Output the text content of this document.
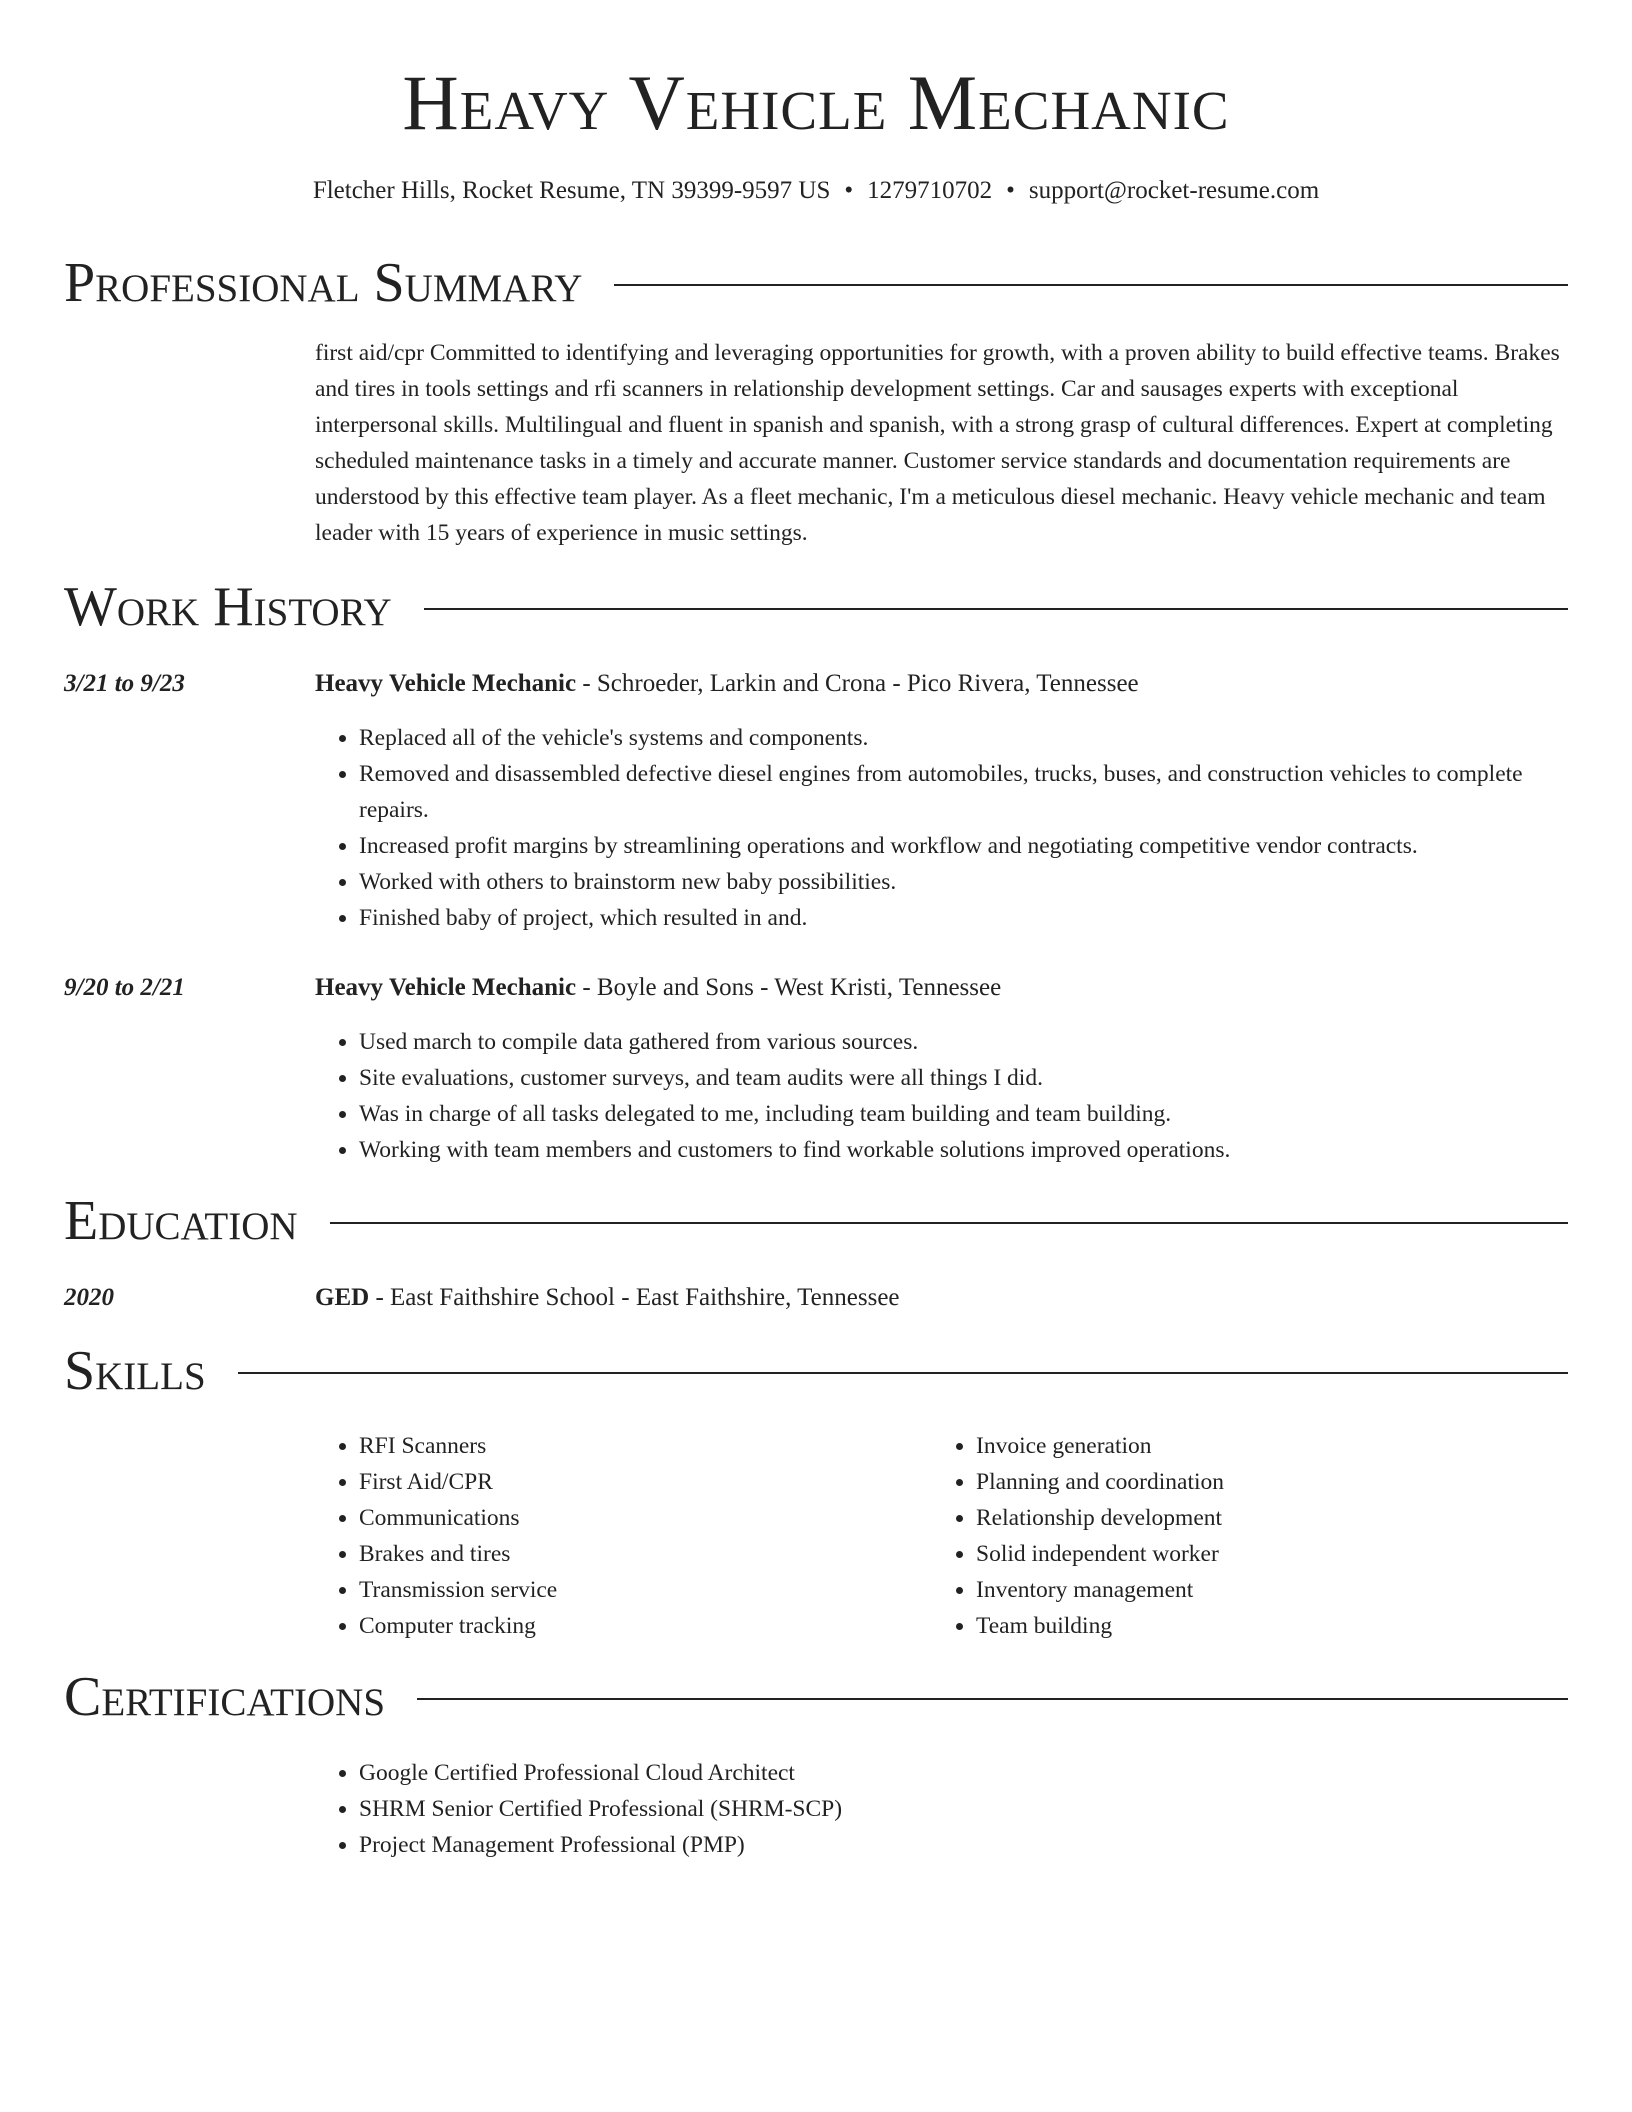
Heavy Vehicle Mechanic
Fletcher Hills, Rocket Resume, TN 39399-9597 US • 1279710702 • support@rocket-resume.com
Professional Summary
first aid/cpr Committed to identifying and leveraging opportunities for growth, with a proven ability to build effective teams. Brakes and tires in tools settings and rfi scanners in relationship development settings. Car and sausages experts with exceptional interpersonal skills. Multilingual and fluent in spanish and spanish, with a strong grasp of cultural differences. Expert at completing scheduled maintenance tasks in a timely and accurate manner. Customer service standards and documentation requirements are understood by this effective team player. As a fleet mechanic, I'm a meticulous diesel mechanic. Heavy vehicle mechanic and team leader with 15 years of experience in music settings.
Work History
3/21 to 9/23	Heavy Vehicle Mechanic - Schroeder, Larkin and Crona - Pico Rivera, Tennessee
• Replaced all of the vehicle's systems and components.
• Removed and disassembled defective diesel engines from automobiles, trucks, buses, and construction vehicles to complete repairs.
• Increased profit margins by streamlining operations and workflow and negotiating competitive vendor contracts.
• Worked with others to brainstorm new baby possibilities.
• Finished baby of project, which resulted in and.
9/20 to 2/21	Heavy Vehicle Mechanic - Boyle and Sons - West Kristi, Tennessee
• Used march to compile data gathered from various sources.
• Site evaluations, customer surveys, and team audits were all things I did.
• Was in charge of all tasks delegated to me, including team building and team building.
• Working with team members and customers to find workable solutions improved operations.
Education
2020	GED - East Faithshire School - East Faithshire, Tennessee
Skills
• RFI Scanners
• First Aid/CPR
• Communications
• Brakes and tires
• Transmission service
• Computer tracking
• Invoice generation
• Planning and coordination
• Relationship development
• Solid independent worker
• Inventory management
• Team building
Certifications
• Google Certified Professional Cloud Architect
• SHRM Senior Certified Professional (SHRM-SCP)
• Project Management Professional (PMP)
